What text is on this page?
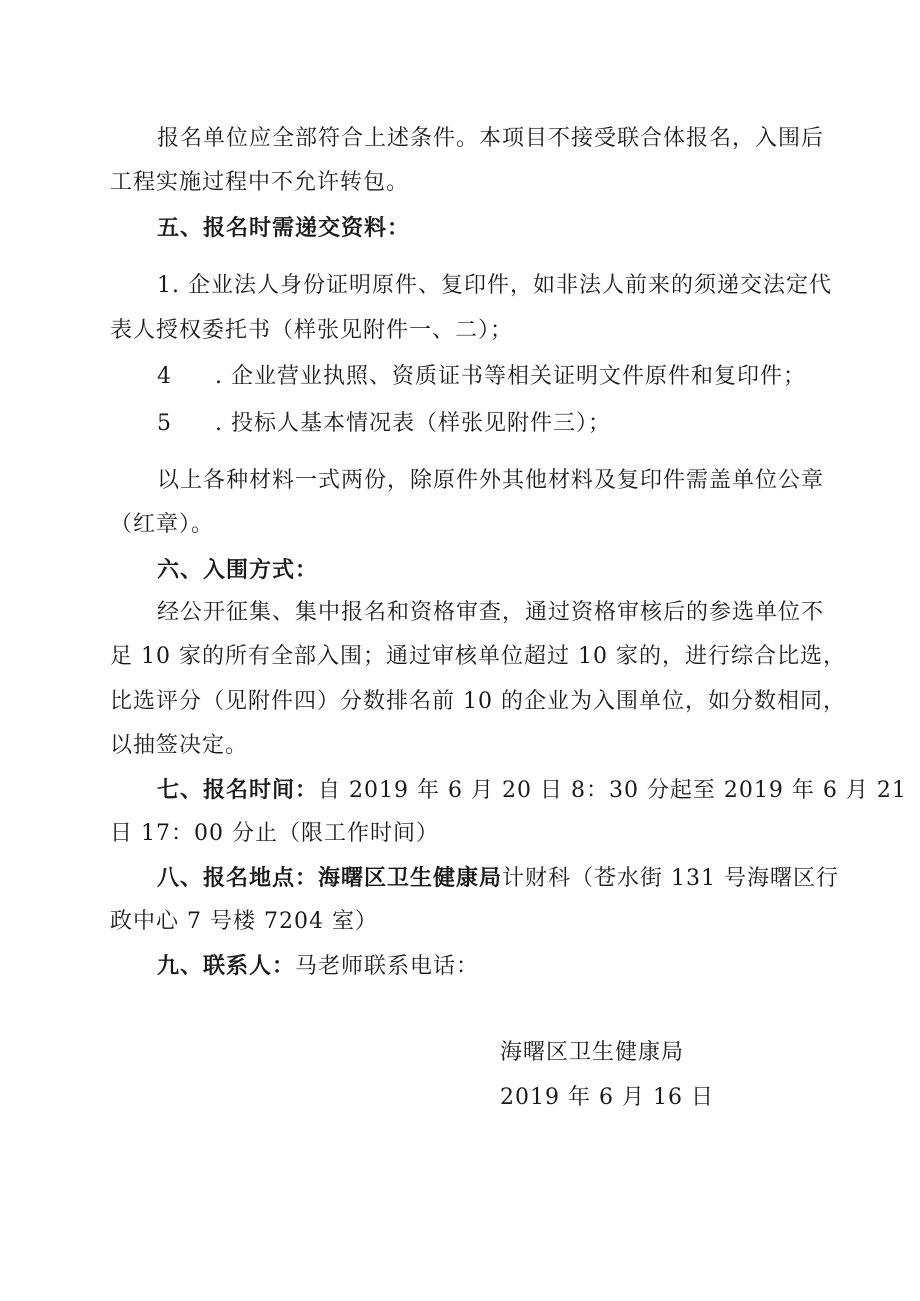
报名单位应全部符合上述条件。本项目不接受联合体报名，入围后
工程实施过程中不允许转包。
五、报名时需递交资料：
1. 企业法人身份证明原件、复印件，如非法人前来的须递交法定代
表人授权委托书（样张见附件一、二）；
4 . 企业营业执照、资质证书等相关证明文件原件和复印件；
5 . 投标人基本情况表（样张见附件三）；
以上各种材料一式两份，除原件外其他材料及复印件需盖单位公章
（红章）。
六、入围方式：
经公开征集、集中报名和资格审查，通过资格审核后的参选单位不
足 10 家的所有全部入围；通过审核单位超过 10 家的，进行综合比选，
比选评分（见附件四）分数排名前 10 的企业为入围单位，如分数相同，
以抽签决定。
七、报名时间：自 2019 年 6 月 20 日 8：30 分起至 2019 年 6 月 21
日 17：00 分止（限工作时间）
八、报名地点：海曙区卫生健康局计财科（苍水街 131 号海曙区行
政中心 7 号楼 7204 室）
九、联系人：马老师联系电话：
海曙区卫生健康局
2019 年 6 月 16 日
